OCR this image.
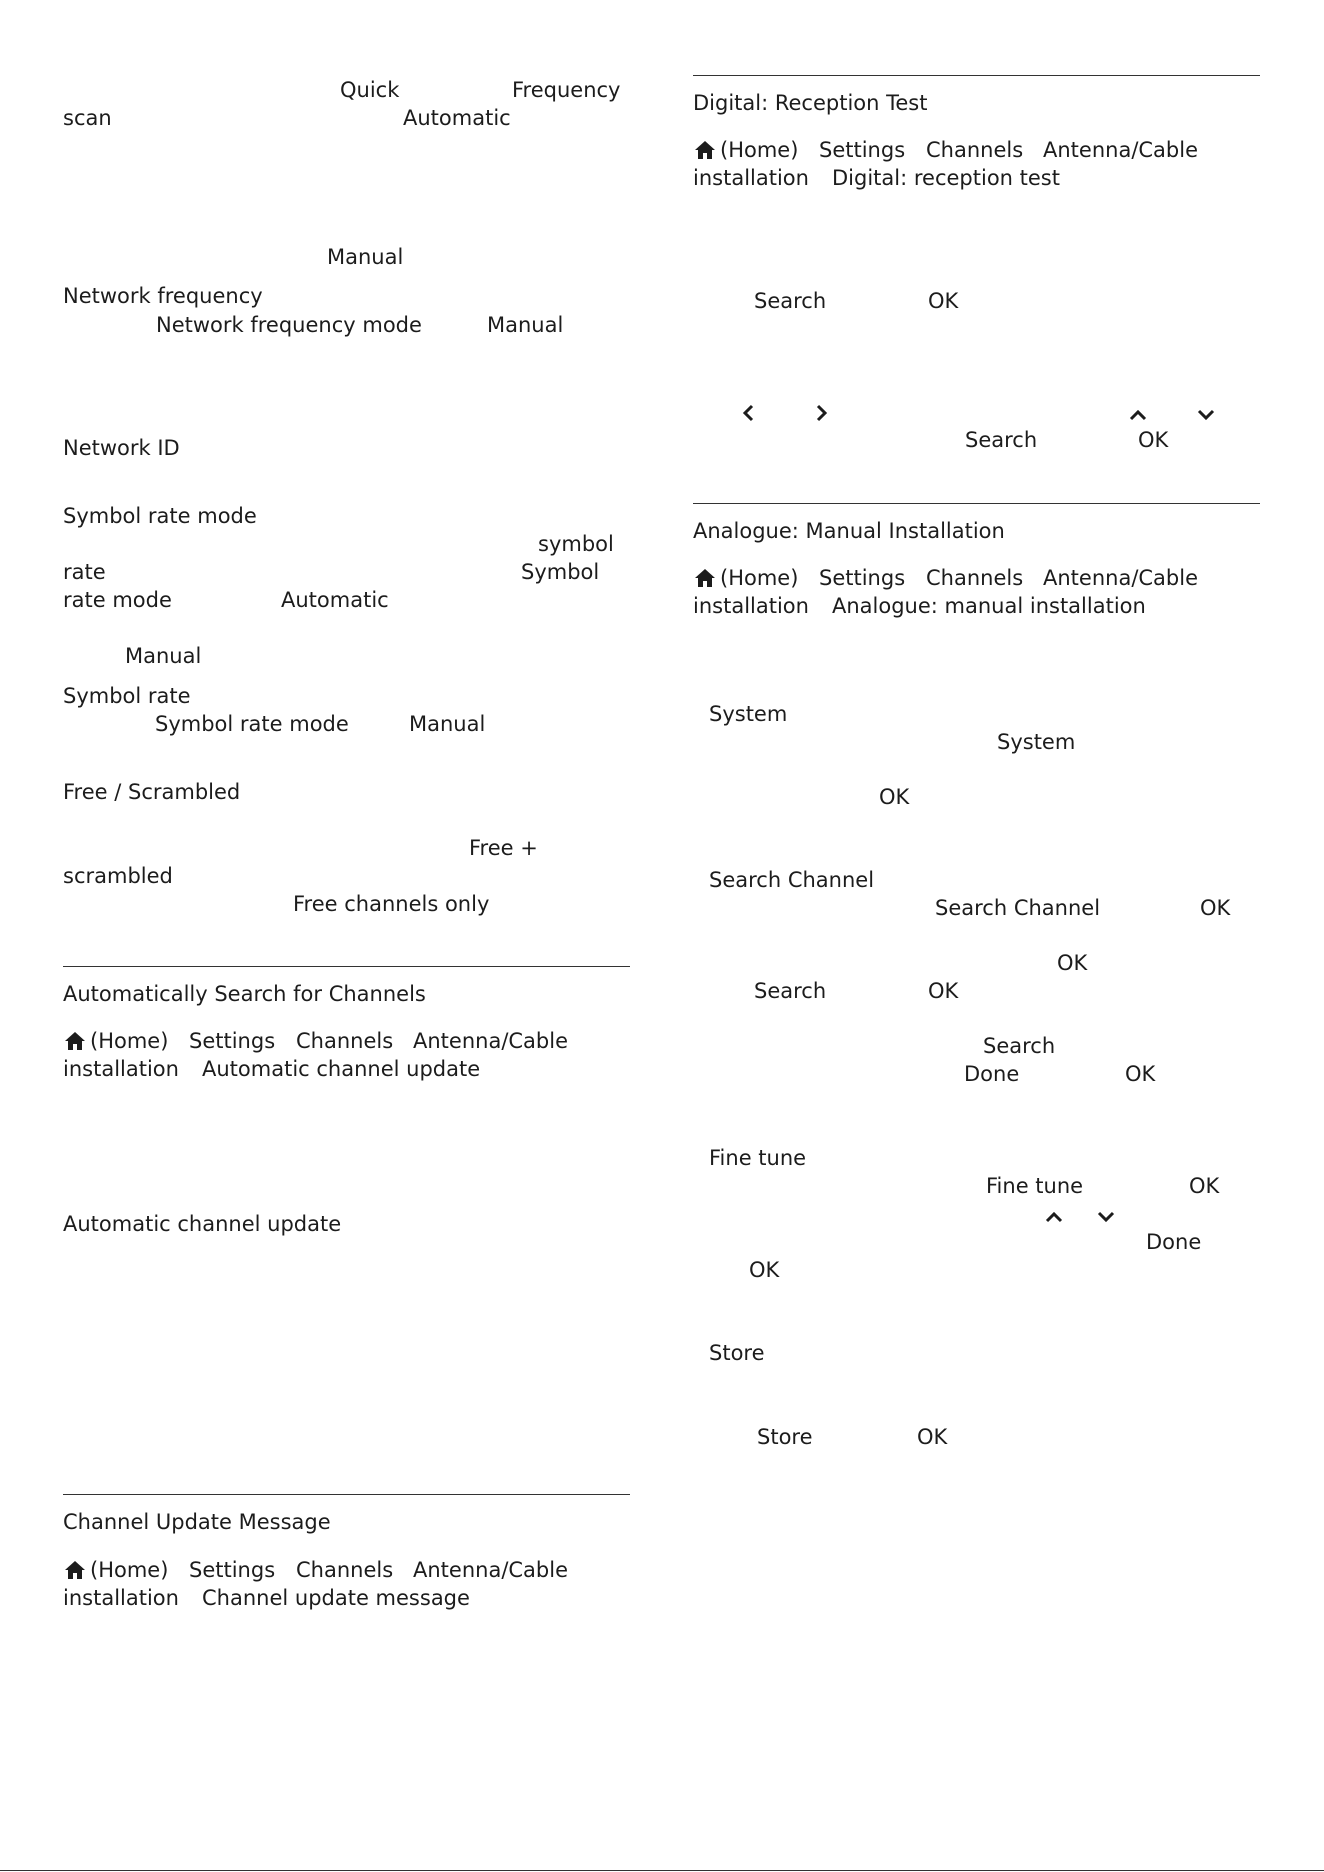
Quick	Frequency
scan	Automatic
Manual
Network frequency
Network frequency mode	Manual
Network ID
Symbol rate mode
symbol
rate	Symbol
rate mode	Automatic
Manual
Symbol rate
Symbol rate mode	Manual
Free / Scrambled
Free +
scrambled
Free channels only
Automatically Search for Channels
(Home) Settings Channels Antenna/Cable
installation Automatic channel update
Automatic channel update
Channel Update Message
(Home) Settings Channels Antenna/Cable
installation Channel update message
Digital: Reception Test
(Home) Settings Channels Antenna/Cable
installation Digital: reception test
Search	OK
Search	OK
Analogue: Manual Installation
(Home) Settings Channels Antenna/Cable
installation Analogue: manual installation
System
System
OK
Search Channel
Search Channel	OK
OK
Search	OK
Search
Done	OK
Fine tune
Fine tune	OK
Done
OK
Store
Store	OK
